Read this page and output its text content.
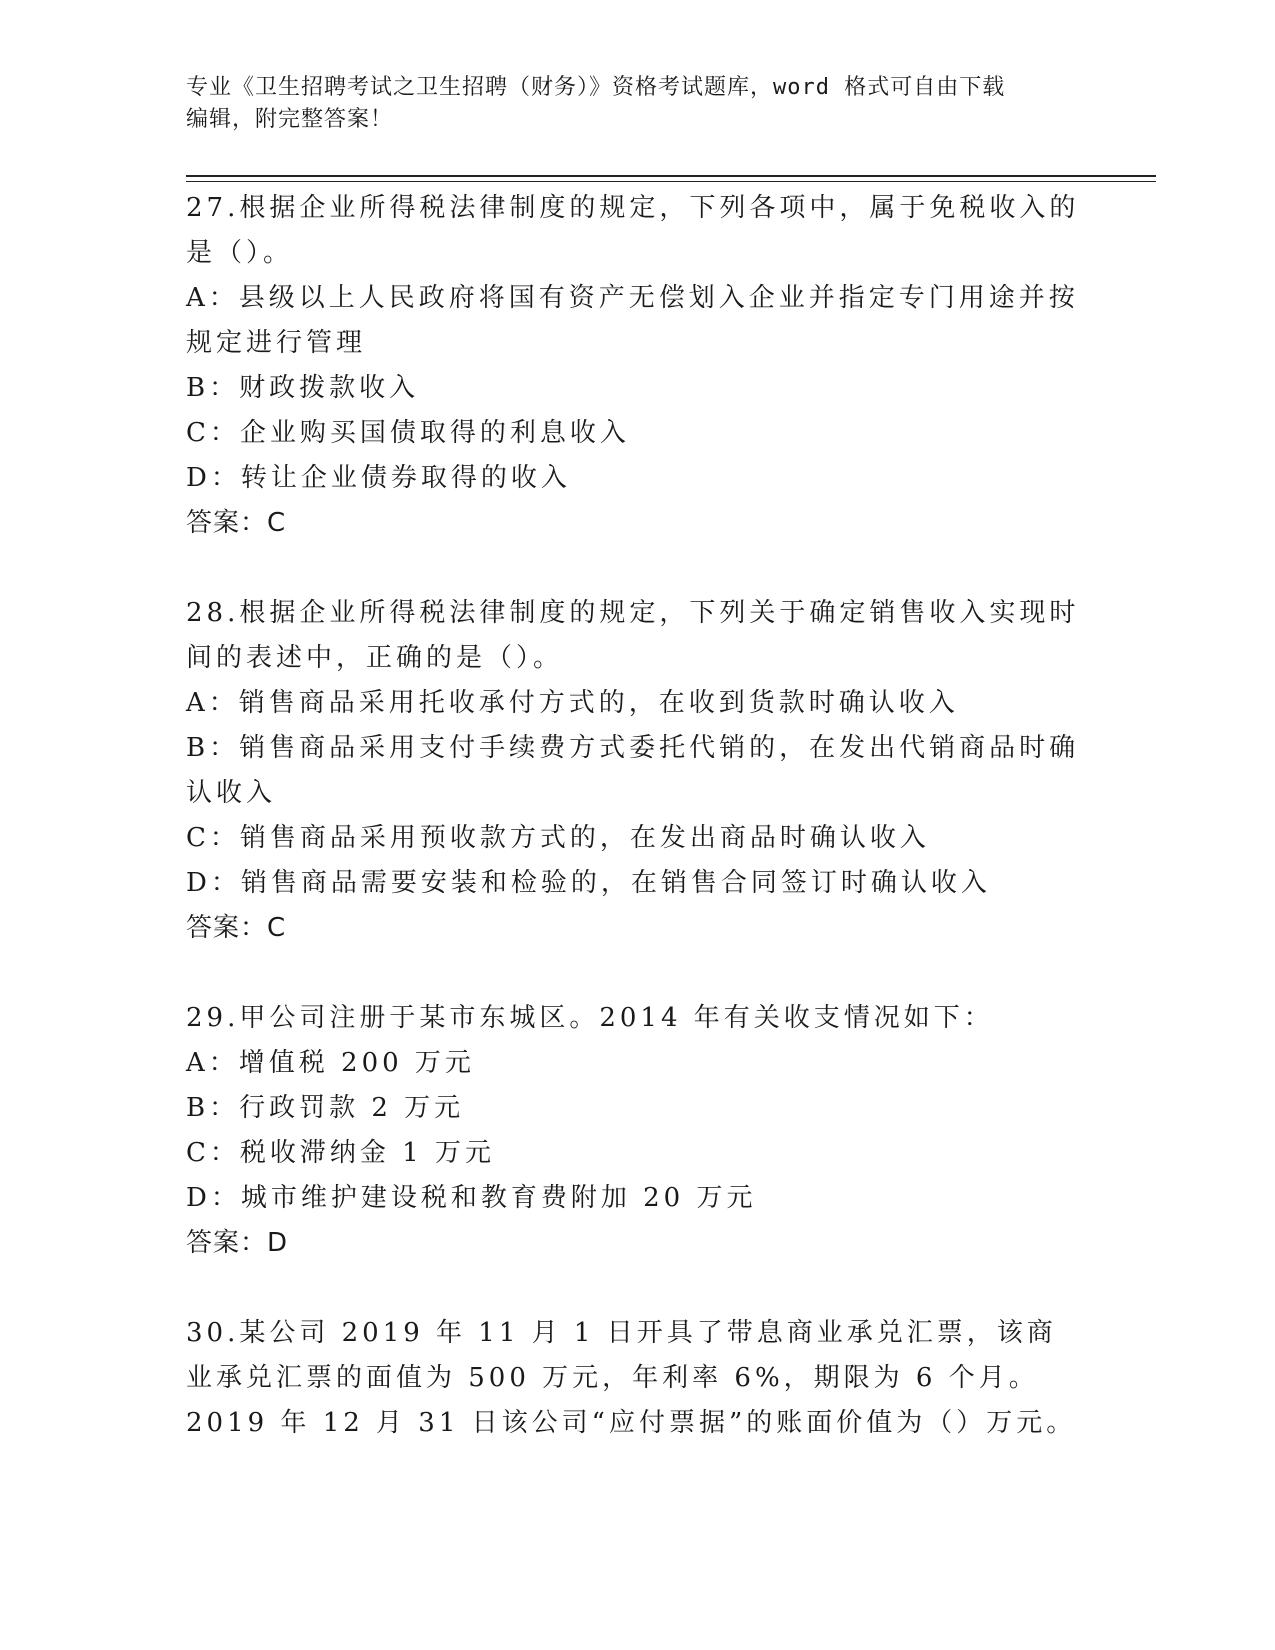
专业《卫生招聘考试之卫生招聘（财务）》资格考试题库，word 格式可自由下载
编辑，附完整答案！

27.根据企业所得税法律制度的规定，下列各项中，属于免税收入的是（）。

A：县级以上人民政府将国有资产无偿划入企业并指定专门用途并按规定进行管理

B：财政拨款收入

C：企业购买国债取得的利息收入

D：转让企业债券取得的收入

答案：C

28.根据企业所得税法律制度的规定，下列关于确定销售收入实现时间的表述中，正确的是（）。

A：销售商品采用托收承付方式的，在收到货款时确认收入

B：销售商品采用支付手续费方式委托代销的，在发出代销商品时确认收入

C：销售商品采用预收款方式的，在发出商品时确认收入

D：销售商品需要安装和检验的，在销售合同签订时确认收入

答案：C

29.甲公司注册于某市东城区。2014 年有关收支情况如下：

A：增值税 200 万元

B：行政罚款 2 万元

C：税收滞纳金 1 万元

D：城市维护建设税和教育费附加 20 万元

答案：D

30.某公司 2019 年 11 月 1 日开具了带息商业承兑汇票，该商业承兑汇票的面值为 500 万元，年利率 6%，期限为 6 个月。2019 年 12 月 31 日该公司“应付票据”的账面价值为（）万元。
